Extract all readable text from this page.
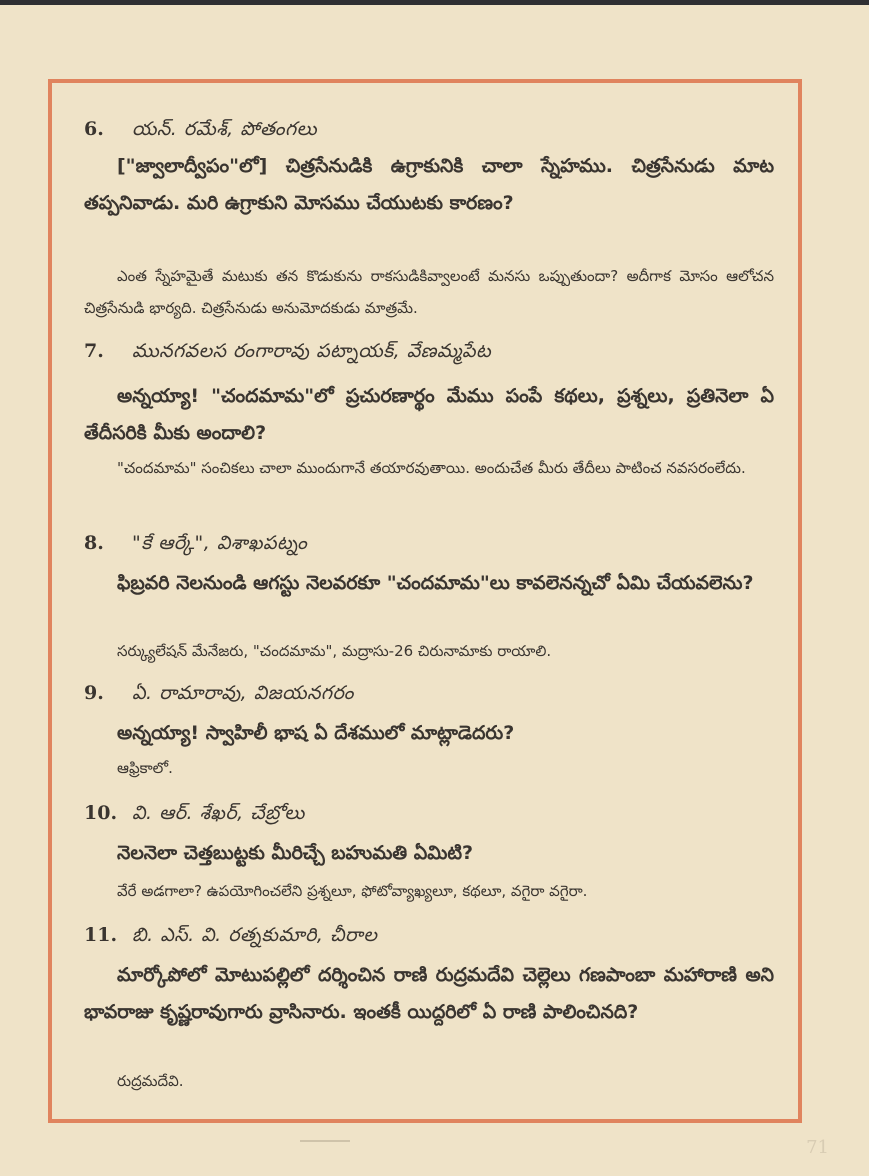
6. యన్. రమేశ్, పోతంగలు
["జ్వాలాద్వీపం"లో] చిత్రసేనుడికి ఉగ్రాకునికి చాలా స్నేహము. చిత్రసేనుడు మాట తప్పనివాడు. మరి ఉగ్రాకుని మోసము చేయుటకు కారణం?
ఎంత స్నేహమైతే మటుకు తన కొడుకును రాకసుడికివ్వాలంటే మనసు ఒప్పుతుందా? అదీగాక మోసం ఆలోచన చిత్రసేనుడి భార్యది. చిత్రసేనుడు అనుమోదకుడు మాత్రమే.
7. మునగవలస రంగారావు పట్నాయక్, వేణమ్మపేట
అన్నయ్యా! "చందమామ"లో ప్రచురణార్థం మేము పంపే కథలు, ప్రశ్నలు, ప్రతినెలా ఏ తేదీసరికి మీకు అందాలి?
"చందమామ" సంచికలు చాలా ముందుగానే తయారవుతాయి. అందుచేత మీరు తేదీలు పాటించ నవసరంలేదు.
8. "కే ఆర్కే", విశాఖపట్నం
ఫిబ్రవరి నెలనుండి ఆగస్టు నెలవరకూ "చందమామ"లు కావలెనన్నచో ఏమి చేయవలెను?
సర్క్యులేషన్ మేనేజరు, "చందమామ", మద్రాసు-26 చిరునామాకు రాయాలి.
9. ఏ. రామారావు, విజయనగరం
అన్నయ్యా! స్వాహిలీ భాష ఏ దేశములో మాట్లాడెదరు?
ఆఫ్రికాలో.
10. వి. ఆర్. శేఖర్, చేబ్రోలు
నెలనెలా చెత్తబుట్టకు మీరిచ్చే బహుమతి ఏమిటి?
వేరే అడగాలా? ఉపయోగించలేని ప్రశ్నలూ, ఫోటోవ్యాఖ్యలూ, కథలూ, వగైరా వగైరా.
11. బి. ఎస్. వి. రత్నకుమారి, చీరాల
మార్కోపోలో మోటుపల్లిలో దర్శించిన రాణి రుద్రమదేవి చెల్లెలు గణపాంబా మహారాణి అని భావరాజు కృష్ణరావుగారు వ్రాసినారు. ఇంతకీ యిద్దరిలో ఏ రాణి పాలించినది?
రుద్రమదేవి.
71
